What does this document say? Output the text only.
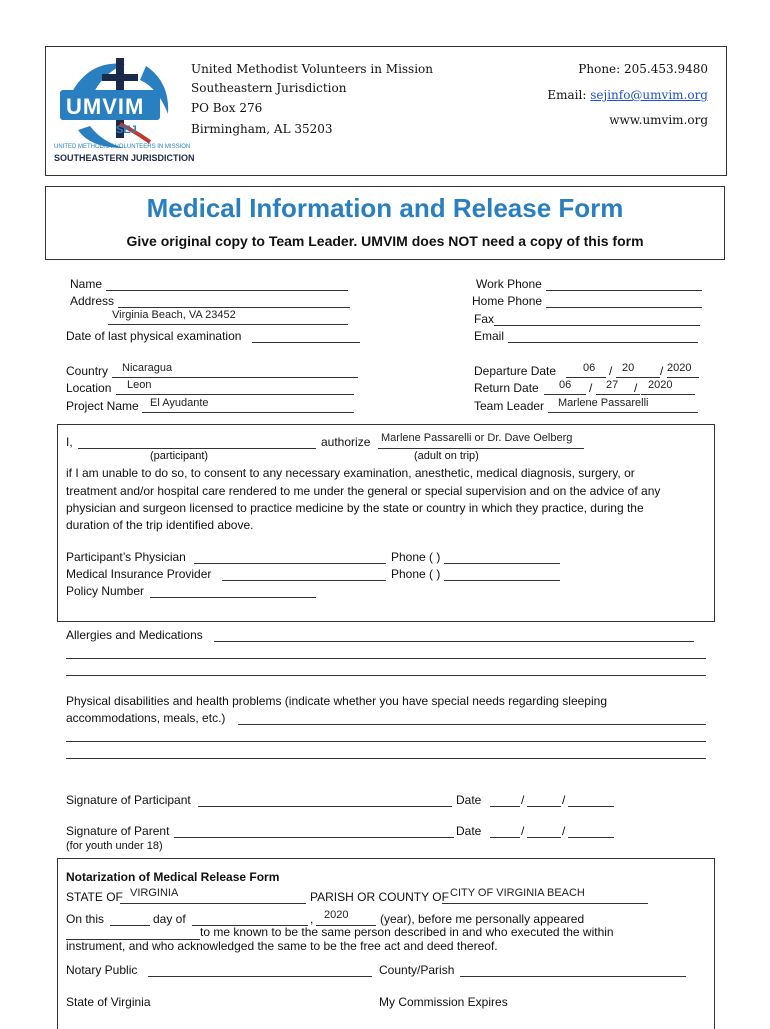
UMVIM
SEJ
UNITED METHODIST VOLUNTEERS IN MISSION
SOUTHEASTERN JURISDICTION
United Methodist Volunteers in Mission
Southeastern Jurisdiction
PO Box 276
Birmingham, AL 35203
Phone: 205.453.9480
Email: sejinfo@umvim.org
www.umvim.org
Medical Information and Release Form
Give original copy to Team Leader. UMVIM does NOT need a copy of this form
Name
Address
Virginia Beach, VA 23452
Date of last physical examination
Work Phone
Home Phone
Fax
Email
Country Nicaragua
Location Leon
Project Name El Ayudante
Departure Date 06 / 20 / 2020
Return Date 06 / 27 / 2020
Team Leader Marlene Passarelli
I,	authorize Marlene Passarelli or Dr. Dave Oelberg
(participant)	(adult on trip)
if I am unable to do so, to consent to any necessary examination, anesthetic, medical diagnosis, surgery, or
treatment and/or hospital care rendered to me under the general or special supervision and on the advice of any
physician and surgeon licensed to practice medicine by the state or country in which they practice, during the
duration of the trip identified above.
Participant’s Physician	Phone ( )
Medical Insurance Provider	Phone ( )
Policy Number
Allergies and Medications
Physical disabilities and health problems (indicate whether you have special needs regarding sleeping
accommodations, meals, etc.)
Signature of Participant	Date	/	/
Signature of Parent	Date	/	/
(for youth under 18)
Notarization of Medical Release Form
STATE OF VIRGINIA	PARISH OR COUNTY OF CITY OF VIRGINIA BEACH
On this	day of	, 2020	(year), before me personally appeared
to me known to be the same person described in and who executed the within
instrument, and who acknowledged the same to be the free act and deed thereof.
Notary Public	County/Parish
State of Virginia	My Commission Expires
